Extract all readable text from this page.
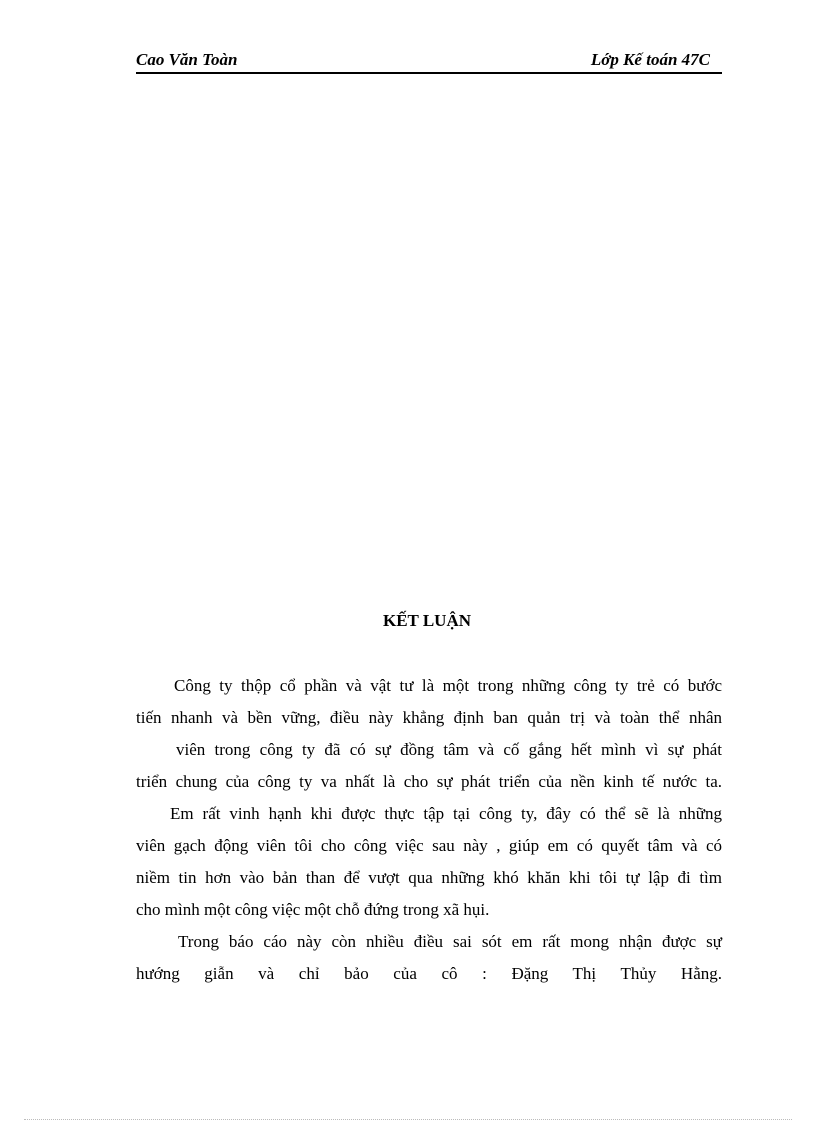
Cao Văn Toàn	Lớp Kế toán 47C
KẾT LUẬN
Công ty thộp cổ phần và vật tư là một trong những công ty trẻ có bước
tiến nhanh và bền vững, điều này khẳng định ban quản trị và toàn thể nhân
viên trong công ty đã có sự đồng tâm và cố gắng hết mình vì sự phát
triển chung của công ty va nhất là cho sự phát triển của nền kinh tế nước ta.
Em rất vinh hạnh khi được thực tập tại công ty, đây có thể sẽ là những
viên gạch động viên tôi cho công việc sau này , giúp em có quyết tâm và có
niềm tin hơn vào bản than để vượt qua những khó khăn khi tôi tự lập đi tìm
cho mình một công việc một chỗ đứng trong xã hụi.
Trong báo cáo này còn nhiều điều sai sót em rất mong nhận được sự
hướng giẫn và chỉ bảo của cô : Đặng Thị Thủy Hằng.
